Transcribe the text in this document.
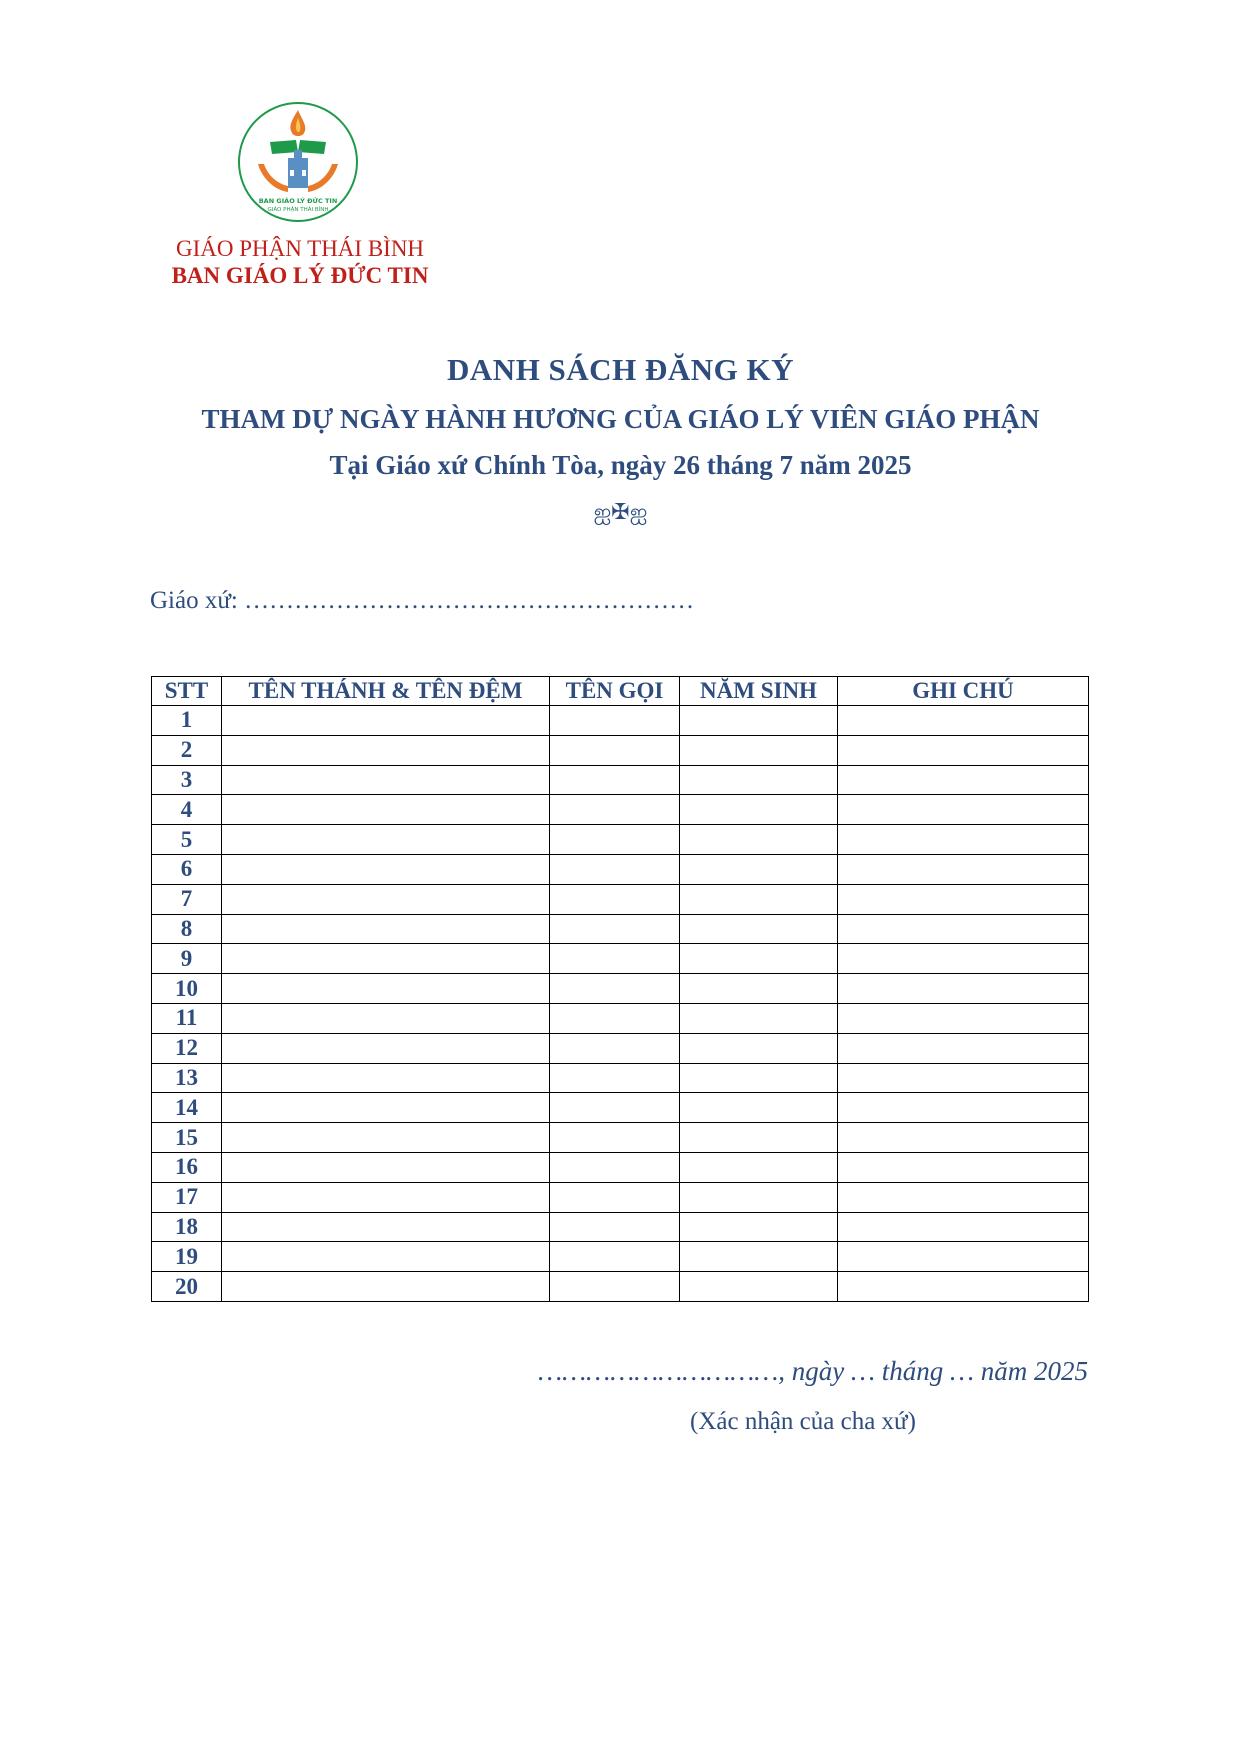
BAN GIÁO LÝ ĐỨC TIN
GIÁO PHẬN THÁI BÌNH
GIÁO PHẬN THÁI BÌNH
BAN GIÁO LÝ ĐỨC TIN
DANH SÁCH ĐĂNG KÝ
THAM DỰ NGÀY HÀNH HƯƠNG CỦA GIÁO LÝ VIÊN GIÁO PHẬN
Tại Giáo xứ Chính Tòa, ngày 26 tháng 7 năm 2025
ஐ✠ஐ
Giáo xứ: ………………………………………………
STT	TÊN THÁNH & TÊN ĐỆM	TÊN GỌI	NĂM SINH	GHI CHÚ
1				
2				
3				
4				
5				
6				
7				
8				
9				
10				
11				
12				
13				
14				
15				
16				
17				
18				
19				
20				
…………………………, ngày … tháng … năm 2025
(Xác nhận của cha xứ)
